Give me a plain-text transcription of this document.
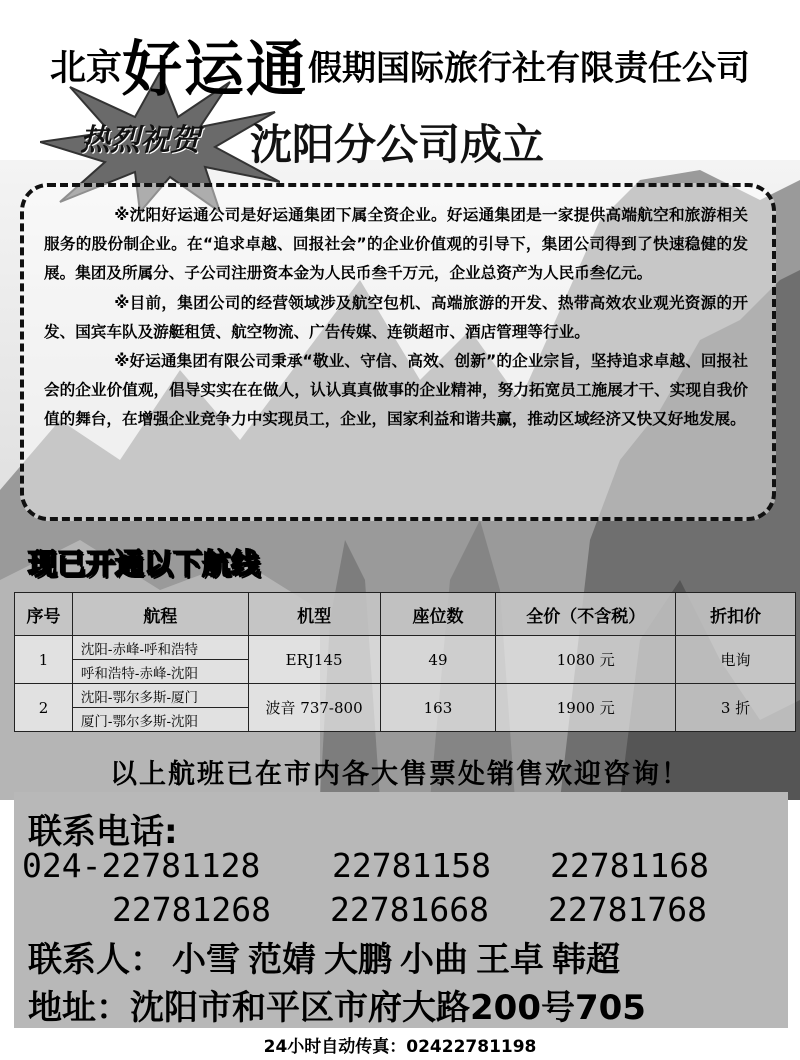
北京好运通假期国际旅行社有限责任公司
热烈祝贺	沈阳分公司成立

※沈阳好运通公司是好运通集团下属全资企业。好运通集团是一家提供高端航空和旅游相关服务的股份制企业。在“追求卓越、回报社会”的企业价值观的引导下，集团公司得到了快速稳健的发展。集团及所属分、子公司注册资本金为人民币叁千万元，企业总资产为人民币叁亿元。

※目前，集团公司的经营领域涉及航空包机、高端旅游的开发、热带高效农业观光资源的开发、国宾车队及游艇租赁、航空物流、广告传媒、连锁超市、酒店管理等行业。

※好运通集团有限公司秉承“敬业、守信、高效、创新”的企业宗旨，坚持追求卓越、回报社会的企业价值观，倡导实实在在做人，认认真真做事的企业精神，努力拓宽员工施展才干、实现自我价值的舞台，在增强企业竞争力中实现员工，企业，国家利益和谐共赢，推动区域经济又快又好地发展。

现已开通以下航线
序号	航程	机型	座位数	全价（不含税）	折扣价
1	沈阳-赤峰-呼和浩特	ERJ145	49	1080 元	电询
	呼和浩特-赤峰-沈阳				
2	沈阳-鄂尔多斯-厦门	波音 737-800	163	1900 元	3 折
	厦门-鄂尔多斯-沈阳				
以上航班已在市内各大售票处销售欢迎咨询！
联系电话:
024-22781128 22781158 22781168
22781268 22781668 22781768
联系人： 小雪 范婧 大鹏 小曲 王卓 韩超
地址：沈阳市和平区市府大路200号705
24小时自动传真：02422781198
